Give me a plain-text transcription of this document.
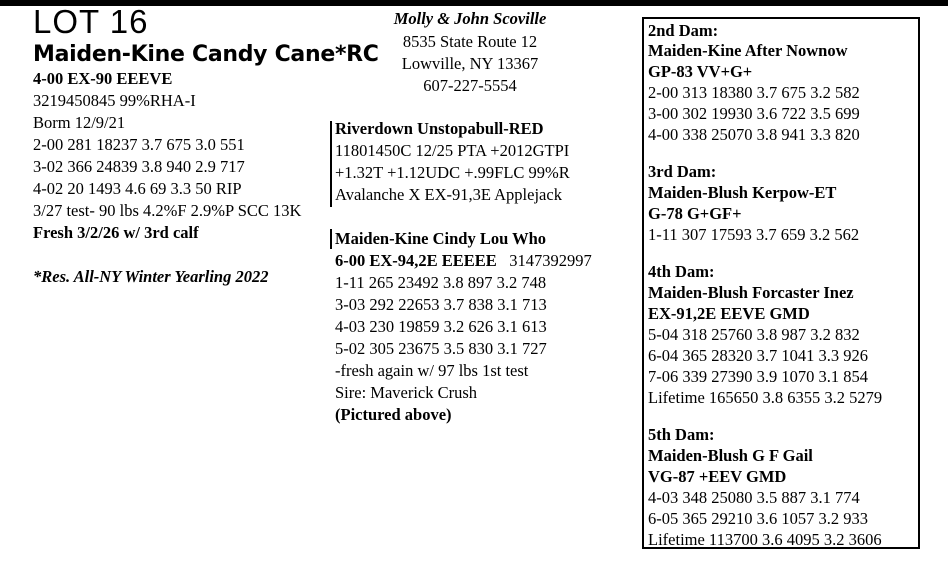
LOT 16
Maiden-Kine Candy Cane*RC
4-00 EX-90 EEEVE
3219450845 99%RHA-I
Borm 12/9/21
2-00 281 18237 3.7 675 3.0 551
3-02 366 24839 3.8 940 2.9 717
4-02 20 1493 4.6 69 3.3 50 RIP
3/27 test- 90 lbs 4.2%F 2.9%P SCC 13K
Fresh 3/2/26 w/ 3rd calf
*Res. All-NY Winter Yearling 2022
Molly & John Scoville
8535 State Route 12
Lowville, NY 13367
607-227-5554
Riverdown Unstopabull-RED
11801450C 12/25 PTA +2012GTPI
+1.32T +1.12UDC +.99FLC 99%R
Avalanche X EX-91,3E Applejack
Maiden-Kine Cindy Lou Who
6-00 EX-94,2E EEEEE 3147392997
1-11 265 23492 3.8 897 3.2 748
3-03 292 22653 3.7 838 3.1 713
4-03 230 19859 3.2 626 3.1 613
5-02 305 23675 3.5 830 3.1 727
-fresh again w/ 97 lbs 1st test
Sire: Maverick Crush
(Pictured above)
2nd Dam:
Maiden-Kine After Nownow
GP-83 VV+G+
2-00 313 18380 3.7 675 3.2 582
3-00 302 19930 3.6 722 3.5 699
4-00 338 25070 3.8 941 3.3 820
3rd Dam:
Maiden-Blush Kerpow-ET
G-78 G+GF+
1-11 307 17593 3.7 659 3.2 562
4th Dam:
Maiden-Blush Forcaster Inez
EX-91,2E EEVE GMD
5-04 318 25760 3.8 987 3.2 832
6-04 365 28320 3.7 1041 3.3 926
7-06 339 27390 3.9 1070 3.1 854
Lifetime 165650 3.8 6355 3.2 5279
5th Dam:
Maiden-Blush G F Gail
VG-87 +EEV GMD
4-03 348 25080 3.5 887 3.1 774
6-05 365 29210 3.6 1057 3.2 933
Lifetime 113700 3.6 4095 3.2 3606
